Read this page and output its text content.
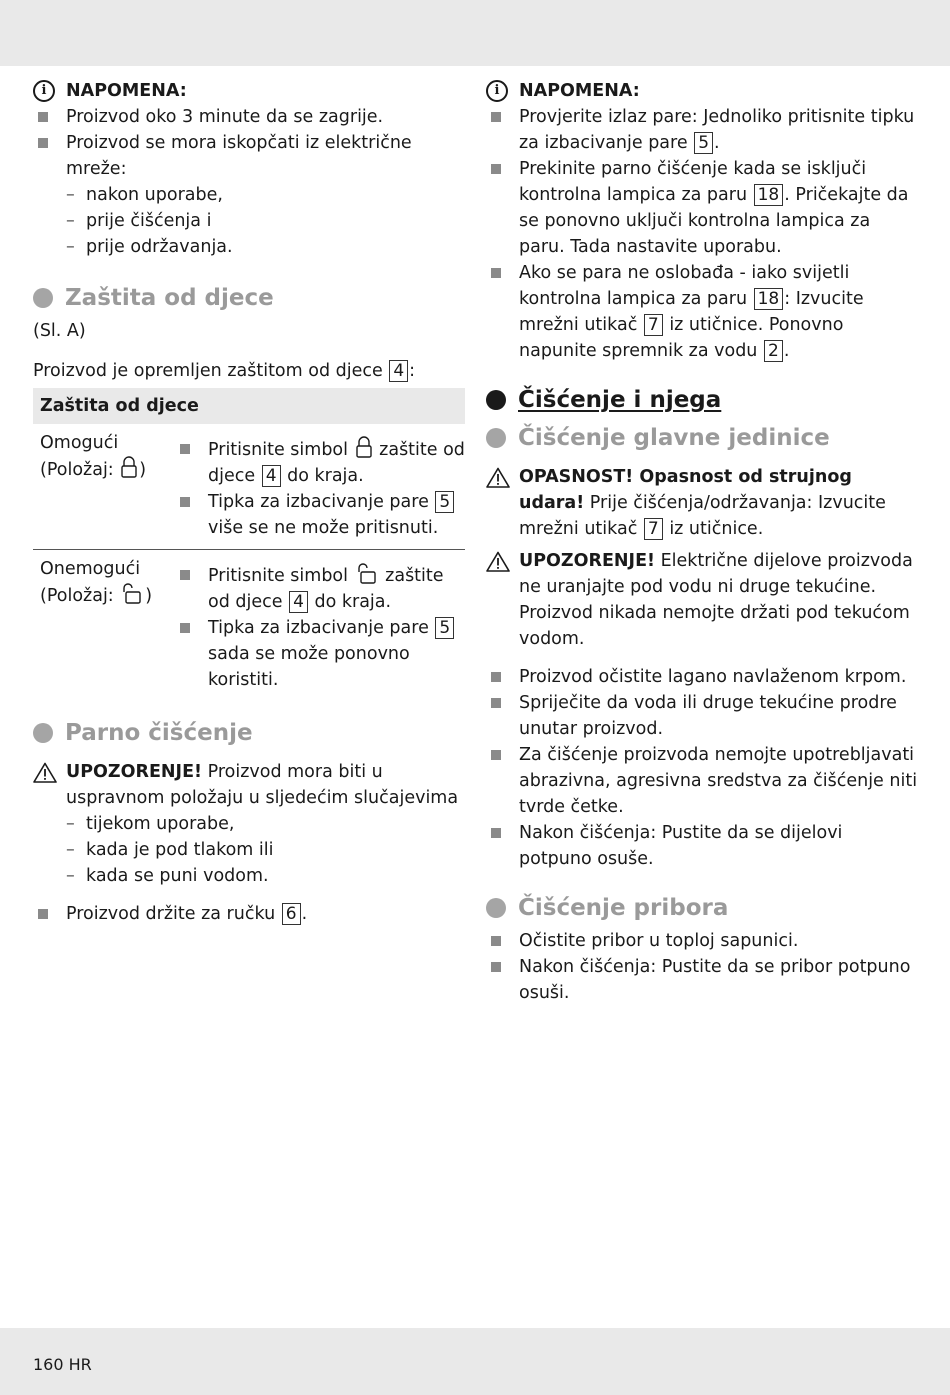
i	NAPOMENA:
Proizvod oko 3 minute da se zagrije.
Proizvod se mora iskopčati iz električne mreže:
– nakon uporabe,
– prije čišćenja i
– prije održavanja.
Zaštita od djece
(Sl. A)
Proizvod je opremljen zaštitom od djece 4 :
Zaštita od djece
Omogući
(Položaj: )
Pritisnite simbol zaštite od djece 4 do kraja.
Tipka za izbacivanje pare 5 više se ne može pritisnuti.
Onemogući
(Položaj: )
Pritisnite simbol zaštite od djece 4 do kraja.
Tipka za izbacivanje pare 5 sada se može ponovno koristiti.
Parno čišćenje
UPOZORENJE! Proizvod mora biti u uspravnom položaju u sljedećim slučajevima
– tijekom uporabe,
– kada je pod tlakom ili
– kada se puni vodom.
Proizvod držite za ručku 6 .
i	NAPOMENA:
Provjerite izlaz pare: Jednoliko pritisnite tipku za izbacivanje pare 5 .
Prekinite parno čišćenje kada se isključi kontrolna lampica za paru 18 . Pričekajte da se ponovno uključi kontrolna lampica za paru. Tada nastavite uporabu.
Ako se para ne oslobađa - iako svijetli kontrolna lampica za paru 18 : Izvucite mrežni utikač 7 iz utičnice. Ponovno napunite spremnik za vodu 2 .
Čišćenje i njega
Čišćenje glavne jedinice
OPASNOST! Opasnost od strujnog udara! Prije čišćenja/održavanja: Izvucite mrežni utikač 7 iz utičnice.
UPOZORENJE! Električne dijelove proizvoda ne uranjajte pod vodu ni druge tekućine. Proizvod nikada nemojte držati pod tekućom vodom.
Proizvod očistite lagano navlaženom krpom.
Spriječite da voda ili druge tekućine prodre unutar proizvod.
Za čišćenje proizvoda nemojte upotrebljavati abrazivna, agresivna sredstva za čišćenje niti tvrde četke.
Nakon čišćenja: Pustite da se dijelovi potpuno osuše.
Čišćenje pribora
Očistite pribor u toploj sapunici.
Nakon čišćenja: Pustite da se pribor potpuno osuši.
160 HR
